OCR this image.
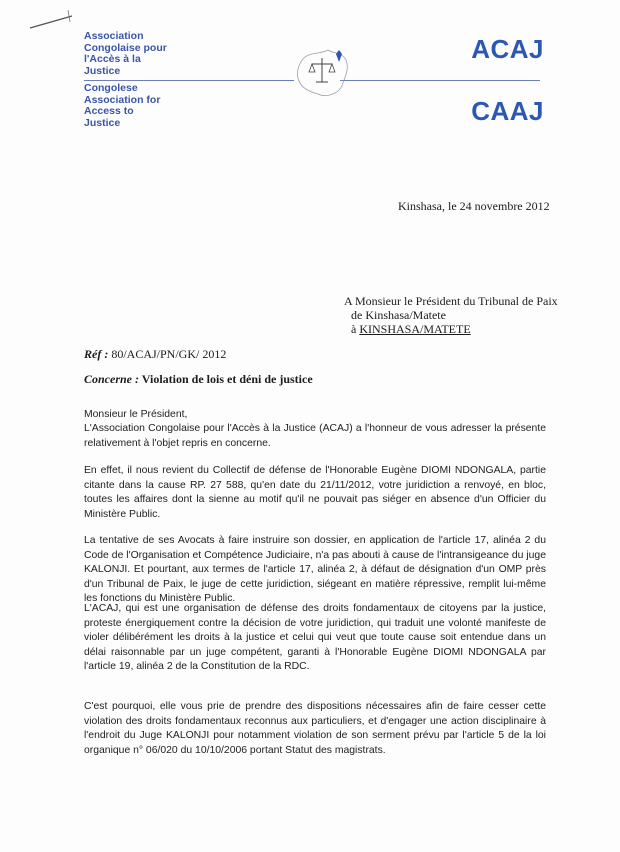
Association
Congolaise pour
l'Accès à la
Justice
ACAJ
CAAJ
Congolese
Association for
Access to
Justice
Kinshasa, le 24 novembre 2012
A Monsieur le Président du Tribunal de Paix
de Kinshasa/Matete
à KINSHASA/MATETE
Réf : 80/ACAJ/PN/GK/ 2012
Concerne : Violation de lois et déni de justice
Monsieur le Président,
L'Association Congolaise pour l'Accès à la Justice (ACAJ) a l'honneur de vous adresser la présente relativement à l'objet repris en concerne.
En effet, il nous revient du Collectif de défense de l'Honorable Eugène DIOMI NDONGALA, partie citante dans la cause RP. 27 588, qu'en date du 21/11/2012, votre juridiction a renvoyé, en bloc, toutes les affaires dont la sienne au motif qu'il ne pouvait pas siéger en absence d'un Officier du Ministère Public.
La tentative de ses Avocats à faire instruire son dossier, en application de l'article 17, alinéa 2 du Code de l'Organisation et Compétence Judiciaire, n'a pas abouti à cause de l'intransigeance du juge KALONJI. Et pourtant, aux termes de l'article 17, alinéa 2, à défaut de désignation d'un OMP près d'un Tribunal de Paix, le juge de cette juridiction, siégeant en matière répressive, remplit lui-même les fonctions du Ministère Public.
L'ACAJ, qui est une organisation de défense des droits fondamentaux de citoyens par la justice, proteste énergiquement contre la décision de votre juridiction, qui traduit une volonté manifeste de violer délibérément les droits à la justice et celui qui veut que toute cause soit entendue dans un délai raisonnable par un juge compétent, garanti à l'Honorable Eugène DIOMI NDONGALA par l'article 19, alinéa 2 de la Constitution de la RDC.
C'est pourquoi, elle vous prie de prendre des dispositions nécessaires afin de faire cesser cette violation des droits fondamentaux reconnus aux particuliers, et d'engager une action disciplinaire à l'endroit du Juge KALONJI pour notamment violation de son serment prévu par l'article 5 de la loi organique n° 06/020 du 10/10/2006 portant Statut des magistrats.
